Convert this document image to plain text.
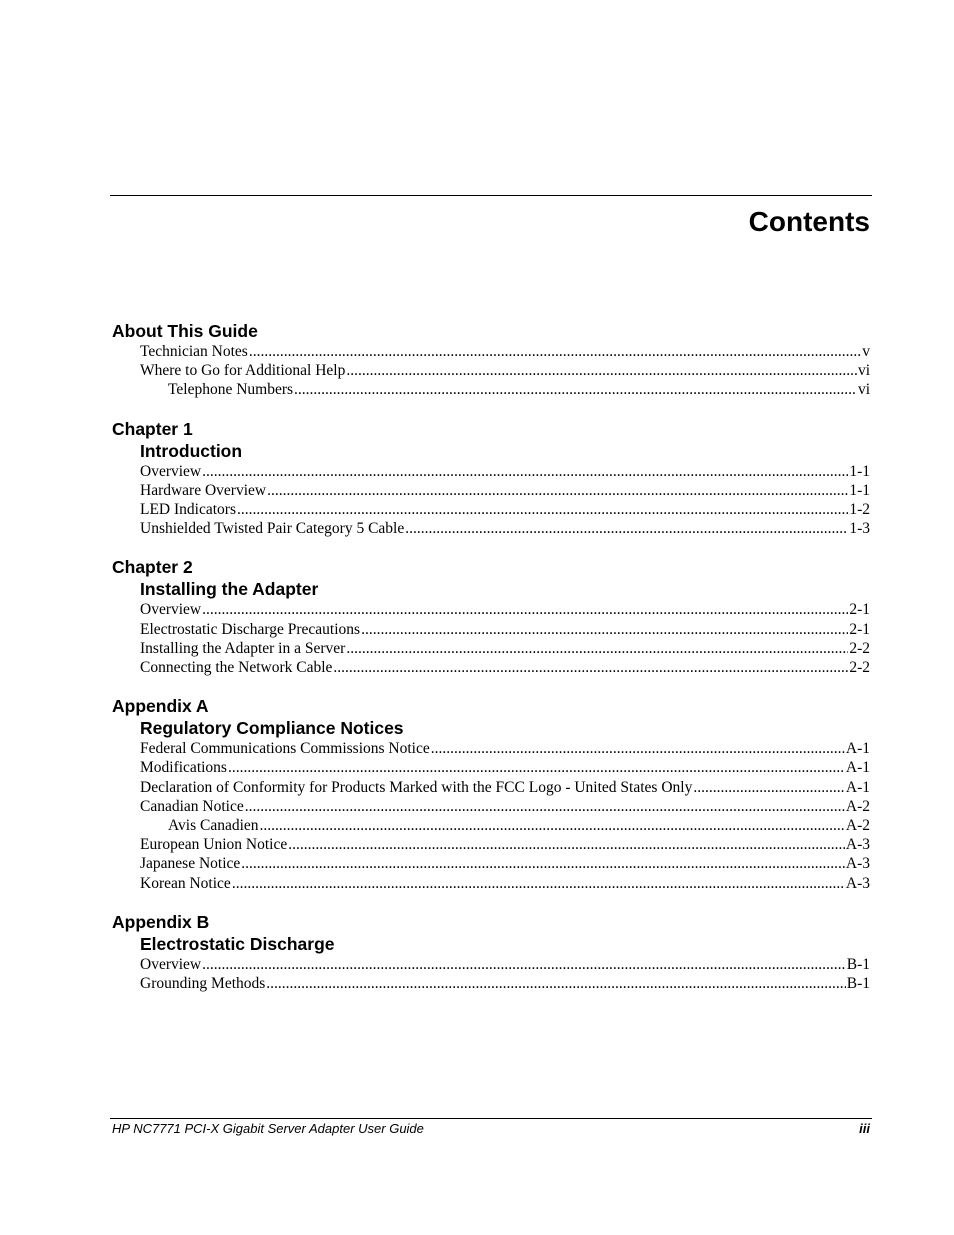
Contents
About This Guide
Technician Notes .....	v
Where to Go for Additional Help .....	vi
Telephone Numbers .....	vi
Chapter 1
Introduction
Overview .....	1-1
Hardware Overview .....	1-1
LED Indicators .....	1-2
Unshielded Twisted Pair Category 5 Cable .....	1-3
Chapter 2
Installing the Adapter
Overview .....	2-1
Electrostatic Discharge Precautions .....	2-1
Installing the Adapter in a Server .....	2-2
Connecting the Network Cable .....	2-2
Appendix A
Regulatory Compliance Notices
Federal Communications Commissions Notice .....	A-1
Modifications .....	A-1
Declaration of Conformity for Products Marked with the FCC Logo - United States Only .....	A-1
Canadian Notice .....	A-2
Avis Canadien .....	A-2
European Union Notice .....	A-3
Japanese Notice .....	A-3
Korean Notice .....	A-3
Appendix B
Electrostatic Discharge
Overview .....	B-1
Grounding Methods .....	B-1
HP NC7771 PCI-X Gigabit Server Adapter User Guide	iii
